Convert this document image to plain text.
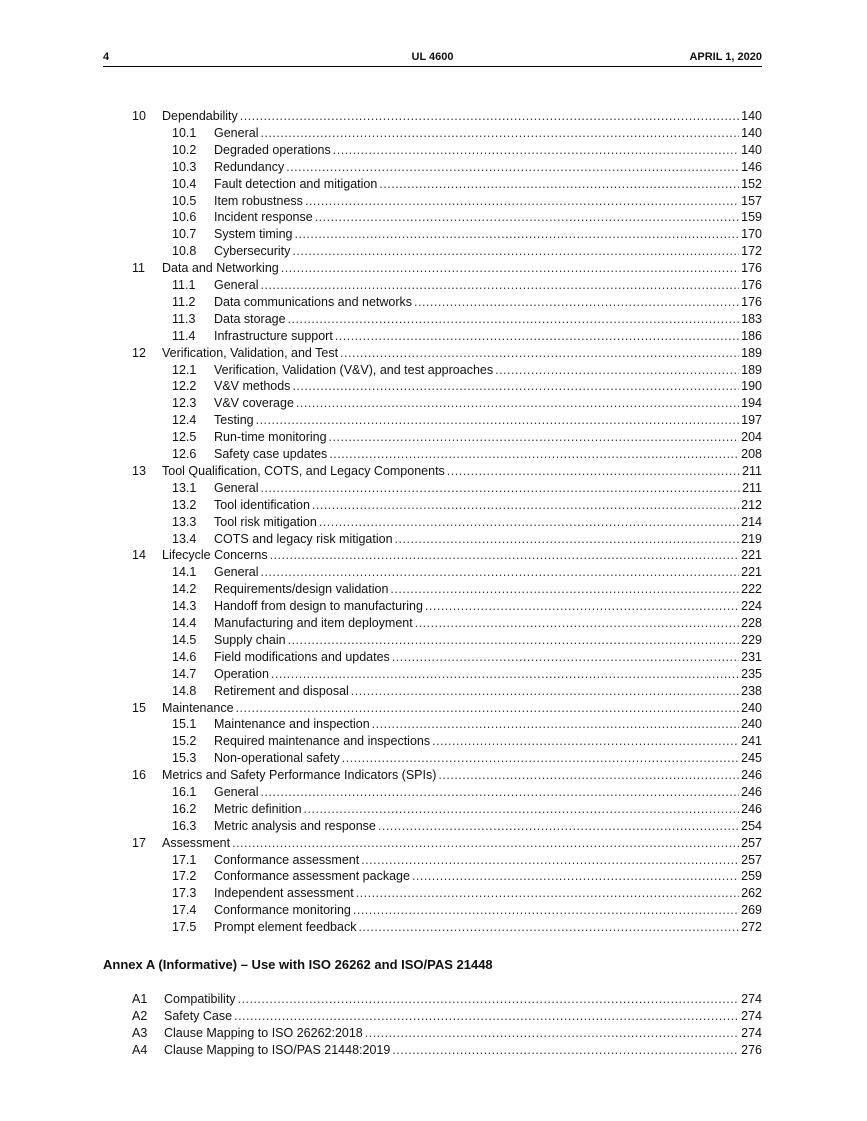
4	UL 4600	APRIL 1, 2020
10	Dependability .....	140
10.1	General .....	140
10.2	Degraded operations .....	140
10.3	Redundancy .....	146
10.4	Fault detection and mitigation .....	152
10.5	Item robustness .....	157
10.6	Incident response .....	159
10.7	System timing .....	170
10.8	Cybersecurity .....	172
11	Data and Networking .....	176
11.1	General .....	176
11.2	Data communications and networks .....	176
11.3	Data storage .....	183
11.4	Infrastructure support .....	186
12	Verification, Validation, and Test .....	189
12.1	Verification, Validation (V&V), and test approaches .....	189
12.2	V&V methods .....	190
12.3	V&V coverage .....	194
12.4	Testing .....	197
12.5	Run-time monitoring .....	204
12.6	Safety case updates .....	208
13	Tool Qualification, COTS, and Legacy Components .....	211
13.1	General .....	211
13.2	Tool identification .....	212
13.3	Tool risk mitigation .....	214
13.4	COTS and legacy risk mitigation .....	219
14	Lifecycle Concerns .....	221
14.1	General .....	221
14.2	Requirements/design validation .....	222
14.3	Handoff from design to manufacturing .....	224
14.4	Manufacturing and item deployment .....	228
14.5	Supply chain .....	229
14.6	Field modifications and updates .....	231
14.7	Operation .....	235
14.8	Retirement and disposal .....	238
15	Maintenance .....	240
15.1	Maintenance and inspection .....	240
15.2	Required maintenance and inspections .....	241
15.3	Non-operational safety .....	245
16	Metrics and Safety Performance Indicators (SPIs) .....	246
16.1	General .....	246
16.2	Metric definition .....	246
16.3	Metric analysis and response .....	254
17	Assessment .....	257
17.1	Conformance assessment .....	257
17.2	Conformance assessment package .....	259
17.3	Independent assessment .....	262
17.4	Conformance monitoring .....	269
17.5	Prompt element feedback .....	272
Annex A (Informative) – Use with ISO 26262 and ISO/PAS 21448
A1	Compatibility .....	274
A2	Safety Case .....	274
A3	Clause Mapping to ISO 26262:2018 .....	274
A4	Clause Mapping to ISO/PAS 21448:2019 .....	276
